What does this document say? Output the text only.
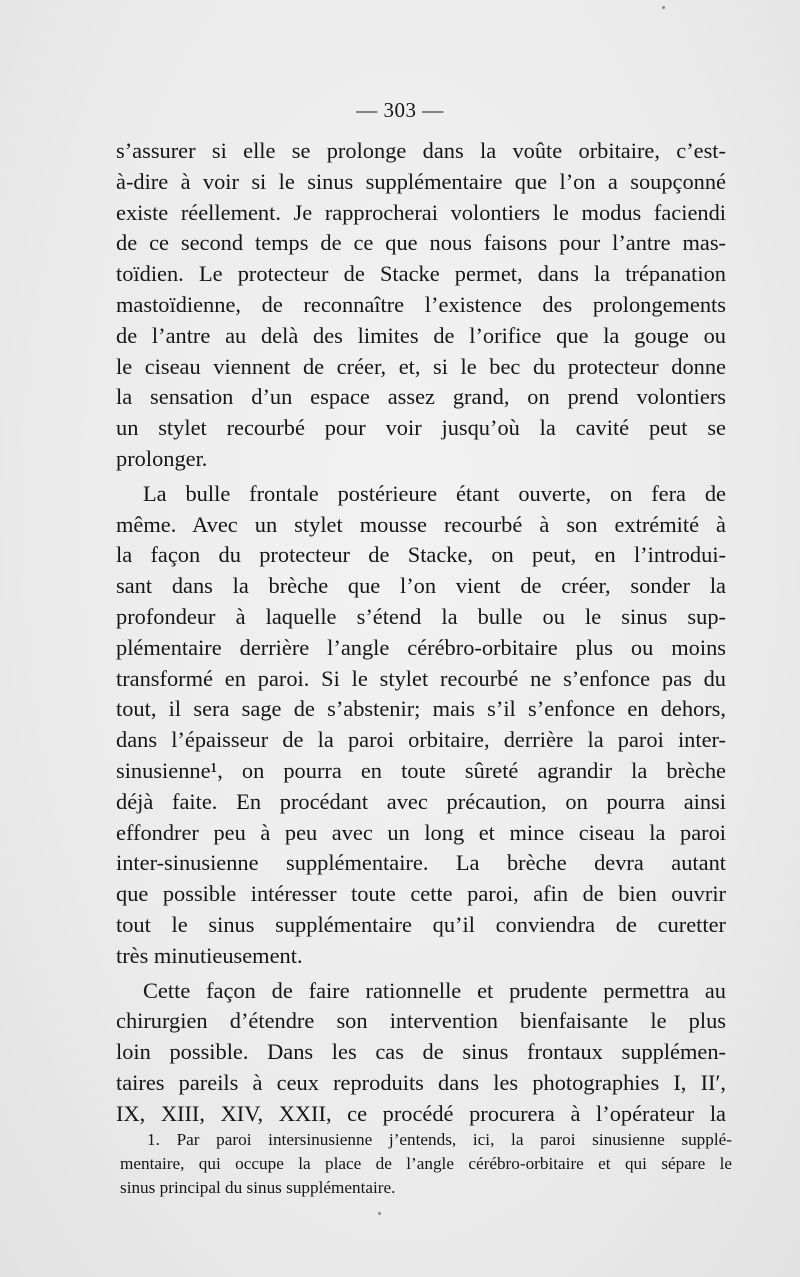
— 303 —
s’assurer si elle se prolonge dans la voûte orbitaire, c’est-
à-dire à voir si le sinus supplémentaire que l’on a soupçonné
existe réellement. Je rapprocherai volontiers le modus faciendi
de ce second temps de ce que nous faisons pour l’antre mas-
toïdien. Le protecteur de Stacke permet, dans la trépanation
mastoïdienne, de reconnaître l’existence des prolongements
de l’antre au delà des limites de l’orifice que la gouge ou
le ciseau viennent de créer, et, si le bec du protecteur donne
la sensation d’un espace assez grand, on prend volontiers
un stylet recourbé pour voir jusqu’où la cavité peut se
prolonger.
La bulle frontale postérieure étant ouverte, on fera de
même. Avec un stylet mousse recourbé à son extrémité à
la façon du protecteur de Stacke, on peut, en l’introdui-
sant dans la brèche que l’on vient de créer, sonder la
profondeur à laquelle s’étend la bulle ou le sinus sup-
plémentaire derrière l’angle cérébro-orbitaire plus ou moins
transformé en paroi. Si le stylet recourbé ne s’enfonce pas du
tout, il sera sage de s’abstenir; mais s’il s’enfonce en dehors,
dans l’épaisseur de la paroi orbitaire, derrière la paroi inter-
sinusienne¹, on pourra en toute sûreté agrandir la brèche
déjà faite. En procédant avec précaution, on pourra ainsi
effondrer peu à peu avec un long et mince ciseau la paroi
inter-sinusienne supplémentaire. La brèche devra autant
que possible intéresser toute cette paroi, afin de bien ouvrir
tout le sinus supplémentaire qu’il conviendra de curetter
très minutieusement.
Cette façon de faire rationnelle et prudente permettra au
chirurgien d’étendre son intervention bienfaisante le plus
loin possible. Dans les cas de sinus frontaux supplémen-
taires pareils à ceux reproduits dans les photographies I, II′,
IX, XIII, XIV, XXII, ce procédé procurera à l’opérateur la
1. Par paroi intersinusienne j’entends, ici, la paroi sinusienne supplé-
mentaire, qui occupe la place de l’angle cérébro-orbitaire et qui sépare le
sinus principal du sinus supplémentaire.
